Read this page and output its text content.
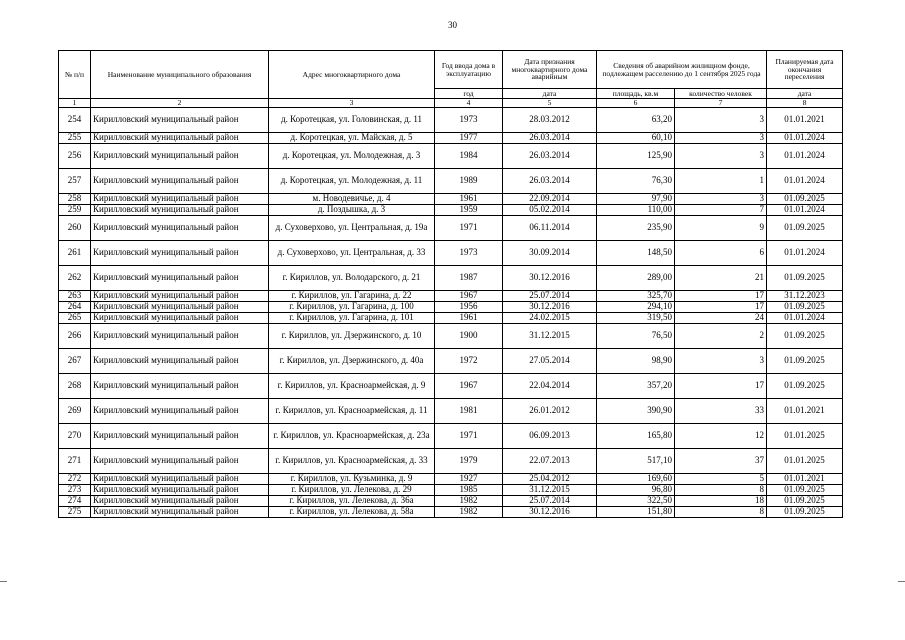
30
№ п/п	Наименование муниципального образования	Адрес многоквартирного дома	Год ввода дома в эксплуатацию	Дата признания многоквартирного дома аварийным	Сведения об аварийном жилищном фонде, подлежащем расселению до 1 сентября 2025 года		Планируемая дата окончания переселения
			год	дата	площадь, кв.м	количество человек	дата
1	2	3	4	5	6	7	8
254	Кирилловский муниципальный район	д. Коротецкая, ул. Головинская, д. 11	1973	28.03.2012	63,20	3	01.01.2021
255	Кирилловский муниципальный район	д. Коротецкая, ул. Майская, д. 5	1977	26.03.2014	60,10	3	01.01.2024
256	Кирилловский муниципальный район	д. Коротецкая, ул. Молодежная, д. 3	1984	26.03.2014	125,90	3	01.01.2024
257	Кирилловский муниципальный район	д. Коротецкая, ул. Молодежная, д. 11	1989	26.03.2014	76,30	1	01.01.2024
258	Кирилловский муниципальный район	м. Новодевичье, д. 4	1961	22.09.2014	97,90	3	01.09.2025
259	Кирилловский муниципальный район	д. Поздышка, д. 3	1959	05.02.2014	110,00	7	01.01.2024
260	Кирилловский муниципальный район	д. Суховерхово, ул. Центральная, д. 19а	1971	06.11.2014	235,90	9	01.09.2025
261	Кирилловский муниципальный район	д. Суховерхово, ул. Центральная, д. 33	1973	30.09.2014	148,50	6	01.01.2024
262	Кирилловский муниципальный район	г. Кириллов, ул. Володарского, д. 21	1987	30.12.2016	289,00	21	01.09.2025
263	Кирилловский муниципальный район	г. Кириллов, ул. Гагарина, д. 22	1967	25.07.2014	325,70	17	31.12.2023
264	Кирилловский муниципальный район	г. Кириллов, ул. Гагарина, д. 100	1956	30.12.2016	294,10	17	01.09.2025
265	Кирилловский муниципальный район	г. Кириллов, ул. Гагарина, д. 101	1961	24.02.2015	319,50	24	01.01.2024
266	Кирилловский муниципальный район	г. Кириллов, ул. Дзержинского, д. 10	1900	31.12.2015	76,50	2	01.09.2025
267	Кирилловский муниципальный район	г. Кириллов, ул. Дзержинского, д. 40а	1972	27.05.2014	98,90	3	01.09.2025
268	Кирилловский муниципальный район	г. Кириллов, ул. Красноармейская, д. 9	1967	22.04.2014	357,20	17	01.09.2025
269	Кирилловский муниципальный район	г. Кириллов, ул. Красноармейская, д. 11	1981	26.01.2012	390,90	33	01.01.2021
270	Кирилловский муниципальный район	г. Кириллов, ул. Красноармейская, д. 23а	1971	06.09.2013	165,80	12	01.01.2025
271	Кирилловский муниципальный район	г. Кириллов, ул. Красноармейская, д. 33	1979	22.07.2013	517,10	37	01.01.2025
272	Кирилловский муниципальный район	г. Кириллов, ул. Кузьминка, д. 9	1927	25.04.2012	169,60	5	01.01.2021
273	Кирилловский муниципальный район	г. Кириллов, ул. Лелекова, д. 29	1985	31.12.2015	96,80	8	01.09.2025
274	Кирилловский муниципальный район	г. Кириллов, ул. Лелекова, д. 36а	1982	25.07.2014	322,50	18	01.09.2025
275	Кирилловский муниципальный район	г. Кириллов, ул. Лелекова, д. 58а	1982	30.12.2016	151,80	8	01.09.2025
